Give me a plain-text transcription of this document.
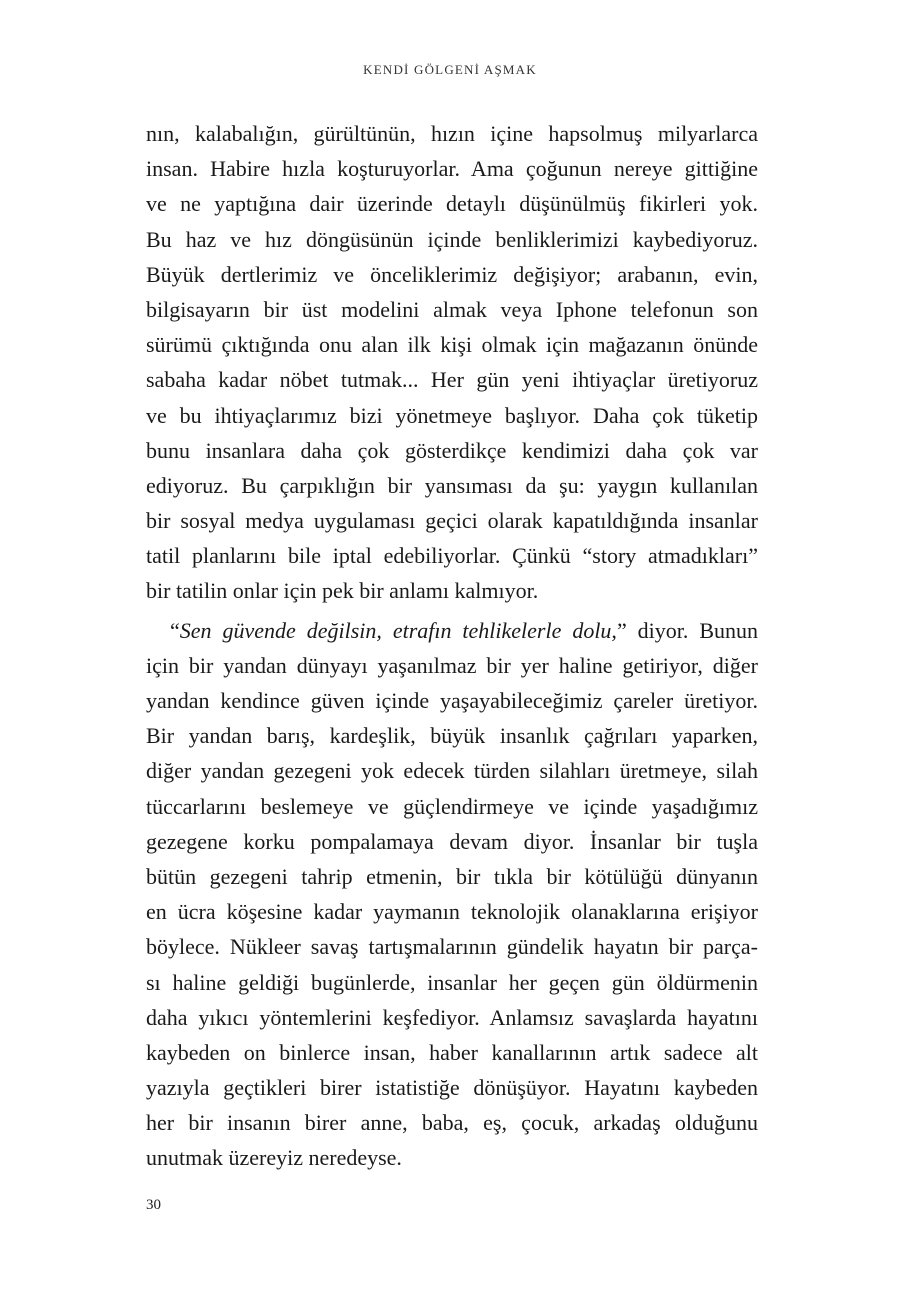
KENDİ GÖLGENİ AŞMAK
nın, kalabalığın, gürültünün, hızın içine hapsolmuş milyarlarca
insan. Habire hızla koşturuyorlar. Ama çoğunun nereye gittiğine
ve ne yaptığına dair üzerinde detaylı düşünülmüş fikirleri yok.
Bu haz ve hız döngüsünün içinde benliklerimizi kaybediyoruz.
Büyük dertlerimiz ve önceliklerimiz değişiyor; arabanın, evin,
bilgisayarın bir üst modelini almak veya Iphone telefonun son
sürümü çıktığında onu alan ilk kişi olmak için mağazanın önünde
sabaha kadar nöbet tutmak... Her gün yeni ihtiyaçlar üretiyoruz
ve bu ihtiyaçlarımız bizi yönetmeye başlıyor. Daha çok tüketip
bunu insanlara daha çok gösterdikçe kendimizi daha çok var
ediyoruz. Bu çarpıklığın bir yansıması da şu: yaygın kullanılan
bir sosyal medya uygulaması geçici olarak kapatıldığında insanlar
tatil planlarını bile iptal edebiliyorlar. Çünkü “story atmadıkları”
bir tatilin onlar için pek bir anlamı kalmıyor.
“Sen güvende değilsin, etrafın tehlikelerle dolu,” diyor. Bunun
için bir yandan dünyayı yaşanılmaz bir yer haline getiriyor, diğer
yandan kendince güven içinde yaşayabileceğimiz çareler üretiyor.
Bir yandan barış, kardeşlik, büyük insanlık çağrıları yaparken,
diğer yandan gezegeni yok edecek türden silahları üretmeye, silah
tüccarlarını beslemeye ve güçlendirmeye ve içinde yaşadığımız
gezegene korku pompalamaya devam diyor. İnsanlar bir tuşla
bütün gezegeni tahrip etmenin, bir tıkla bir kötülüğü dünyanın
en ücra köşesine kadar yaymanın teknolojik olanaklarına erişiyor
böylece. Nükleer savaş tartışmalarının gündelik hayatın bir parça-
sı haline geldiği bugünlerde, insanlar her geçen gün öldürmenin
daha yıkıcı yöntemlerini keşfediyor. Anlamsız savaşlarda hayatını
kaybeden on binlerce insan, haber kanallarının artık sadece alt
yazıyla geçtikleri birer istatistiğe dönüşüyor. Hayatını kaybeden
her bir insanın birer anne, baba, eş, çocuk, arkadaş olduğunu
unutmak üzereyiz neredeyse.
30
